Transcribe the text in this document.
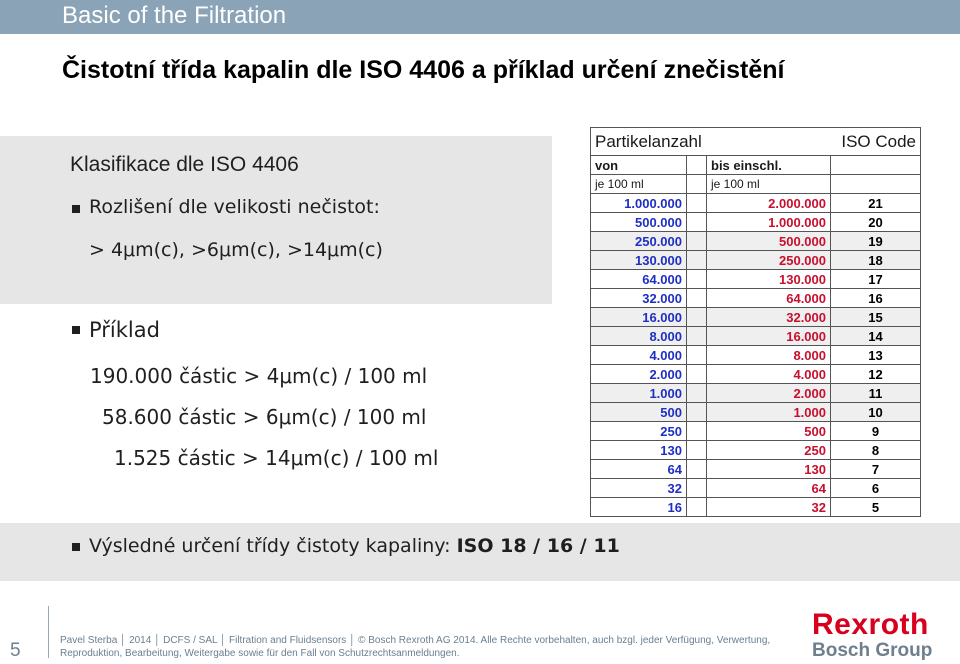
Basic of the Filtration
Čistotní třída kapalin dle ISO 4406 a příklad určení znečistění
Klasifikace dle ISO 4406
Rozlišení dle velikosti nečistot:
> 4μm(c), >6μm(c), >14μm(c)
Příklad
190.000 částic > 4μm(c) / 100 ml
58.600 částic > 6μm(c) / 100 ml
1.525 částic > 14μm(c) / 100 ml
Výsledné určení třídy čistoty kapaliny: ISO 18 / 16 / 11
Partikelanzahl			ISO Code
von		bis einschl.	
je 100 ml		je 100 ml	
1.000.000		2.000.000	21
500.000		1.000.000	20
250.000		500.000	19
130.000		250.000	18
64.000		130.000	17
32.000		64.000	16
16.000		32.000	15
8.000		16.000	14
4.000		8.000	13
2.000		4.000	12
1.000		2.000	11
500		1.000	10
250		500	9
130		250	8
64		130	7
32		64	6
16		32	5
5	Pavel Sterba │ 2014 │ DCFS / SAL │ Filtration and Fluidsensors │ © Bosch Rexroth AG 2014. Alle Rechte vorbehalten, auch bzgl. jeder Verfügung, Verwertung,
Reproduktion, Bearbeitung, Weitergabe sowie für den Fall von Schutzrechtsanmeldungen.
Rexroth
Bosch Group
